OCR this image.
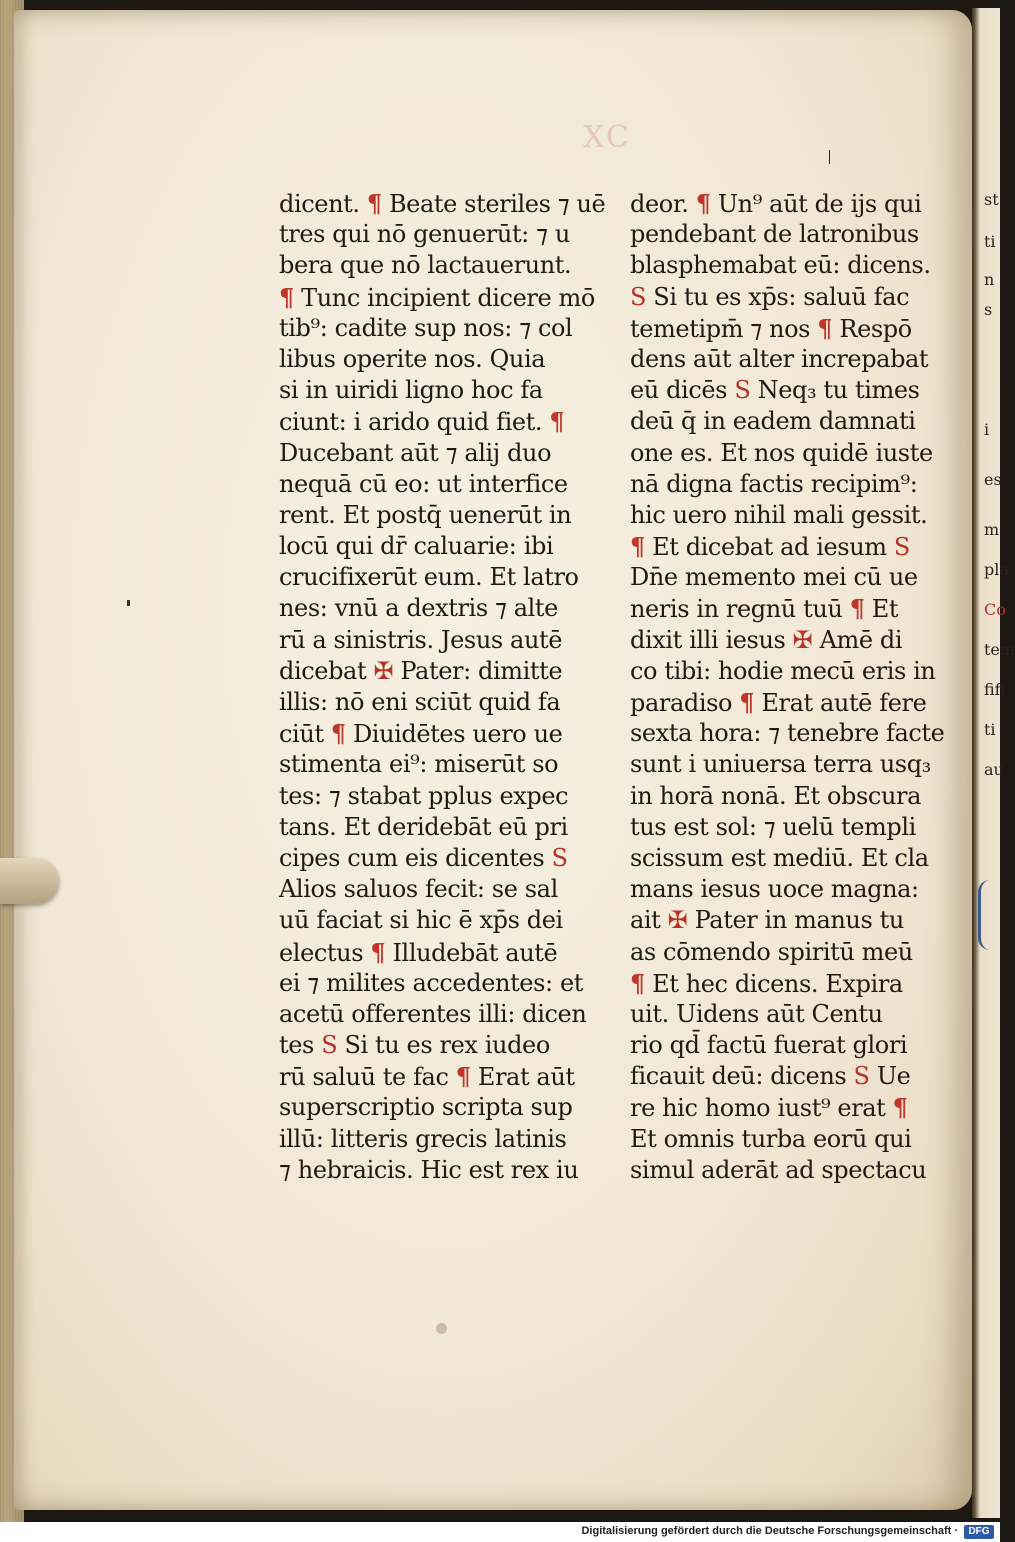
st
ti
n
s
i
es
m
pla
Co
tem
fifi
ti
au
XC
dicent. ¶ Beate steriles ⁊ uē
tres qui nō genuerūt: ⁊ u
bera que nō lactauerunt.
¶ Tunc incipient dicere mō
tib⁹: cadite sup nos: ⁊ col
libus operite nos. Quia
si in uiridi ligno hoc fa
ciunt: i arido quid fiet. ¶
Ducebant aūt ⁊ alij duo
nequā cū eo: ut interfice
rent. Et postq̄ uenerūt in
locū qui dr̄ caluarie: ibi
crucifixerūt eum. Et latro
nes: vnū a dextris ⁊ alte
rū a sinistris. Jesus autē
dicebat ✠ Pater: dimitte
illis: nō eni sciūt quid fa
ciūt ¶ Diuidētes uero ue
stimenta ei⁹: miserūt so
tes: ⁊ stabat pplus expec
tans. Et deridebāt eū pri
cipes cum eis dicentes S
Alios saluos fecit: se sal
uū faciat si hic ē xp̄s dei
electus ¶ Illudebāt autē
ei ⁊ milites accedentes: et
acetū offerentes illi: dicen
tes S Si tu es rex iudeo
rū saluū te fac ¶ Erat aūt
superscriptio scripta sup
illū: litteris grecis latinis
⁊ hebraicis. Hic est rex iu
deor. ¶ Un⁹ aūt de ijs qui
pendebant de latronibus
blasphemabat eū: dicens.
S Si tu es xp̄s: saluū fac
temetipm̄ ⁊ nos ¶ Respō
dens aūt alter increpabat
eū dicēs S Neq₃ tu times
deū q̄ in eadem damnati
one es. Et nos quidē iuste
nā digna factis recipim⁹:
hic uero nihil mali gessit.
¶ Et dicebat ad iesum S
Dn̄e memento mei cū ue
neris in regnū tuū ¶ Et
dixit illi iesus ✠ Amē di
co tibi: hodie mecū eris in
paradiso ¶ Erat autē fere
sexta hora: ⁊ tenebre facte
sunt i uniuersa terra usq₃
in horā nonā. Et obscura
tus est sol: ⁊ uelū templi
scissum est mediū. Et cla
mans iesus uoce magna:
ait ✠ Pater in manus tu
as cōmendo spiritū meū
¶ Et hec dicens. Expira
uit. Uidens aūt Centu
rio qd̄ factū fuerat glori
ficauit deū: dicens S Ue
re hic homo iust⁹ erat ¶
Et omnis turba eorū qui
simul aderāt ad spectacu
Digitalisierung gefördert durch die Deutsche Forschungsgemeinschaft ·	DFG
